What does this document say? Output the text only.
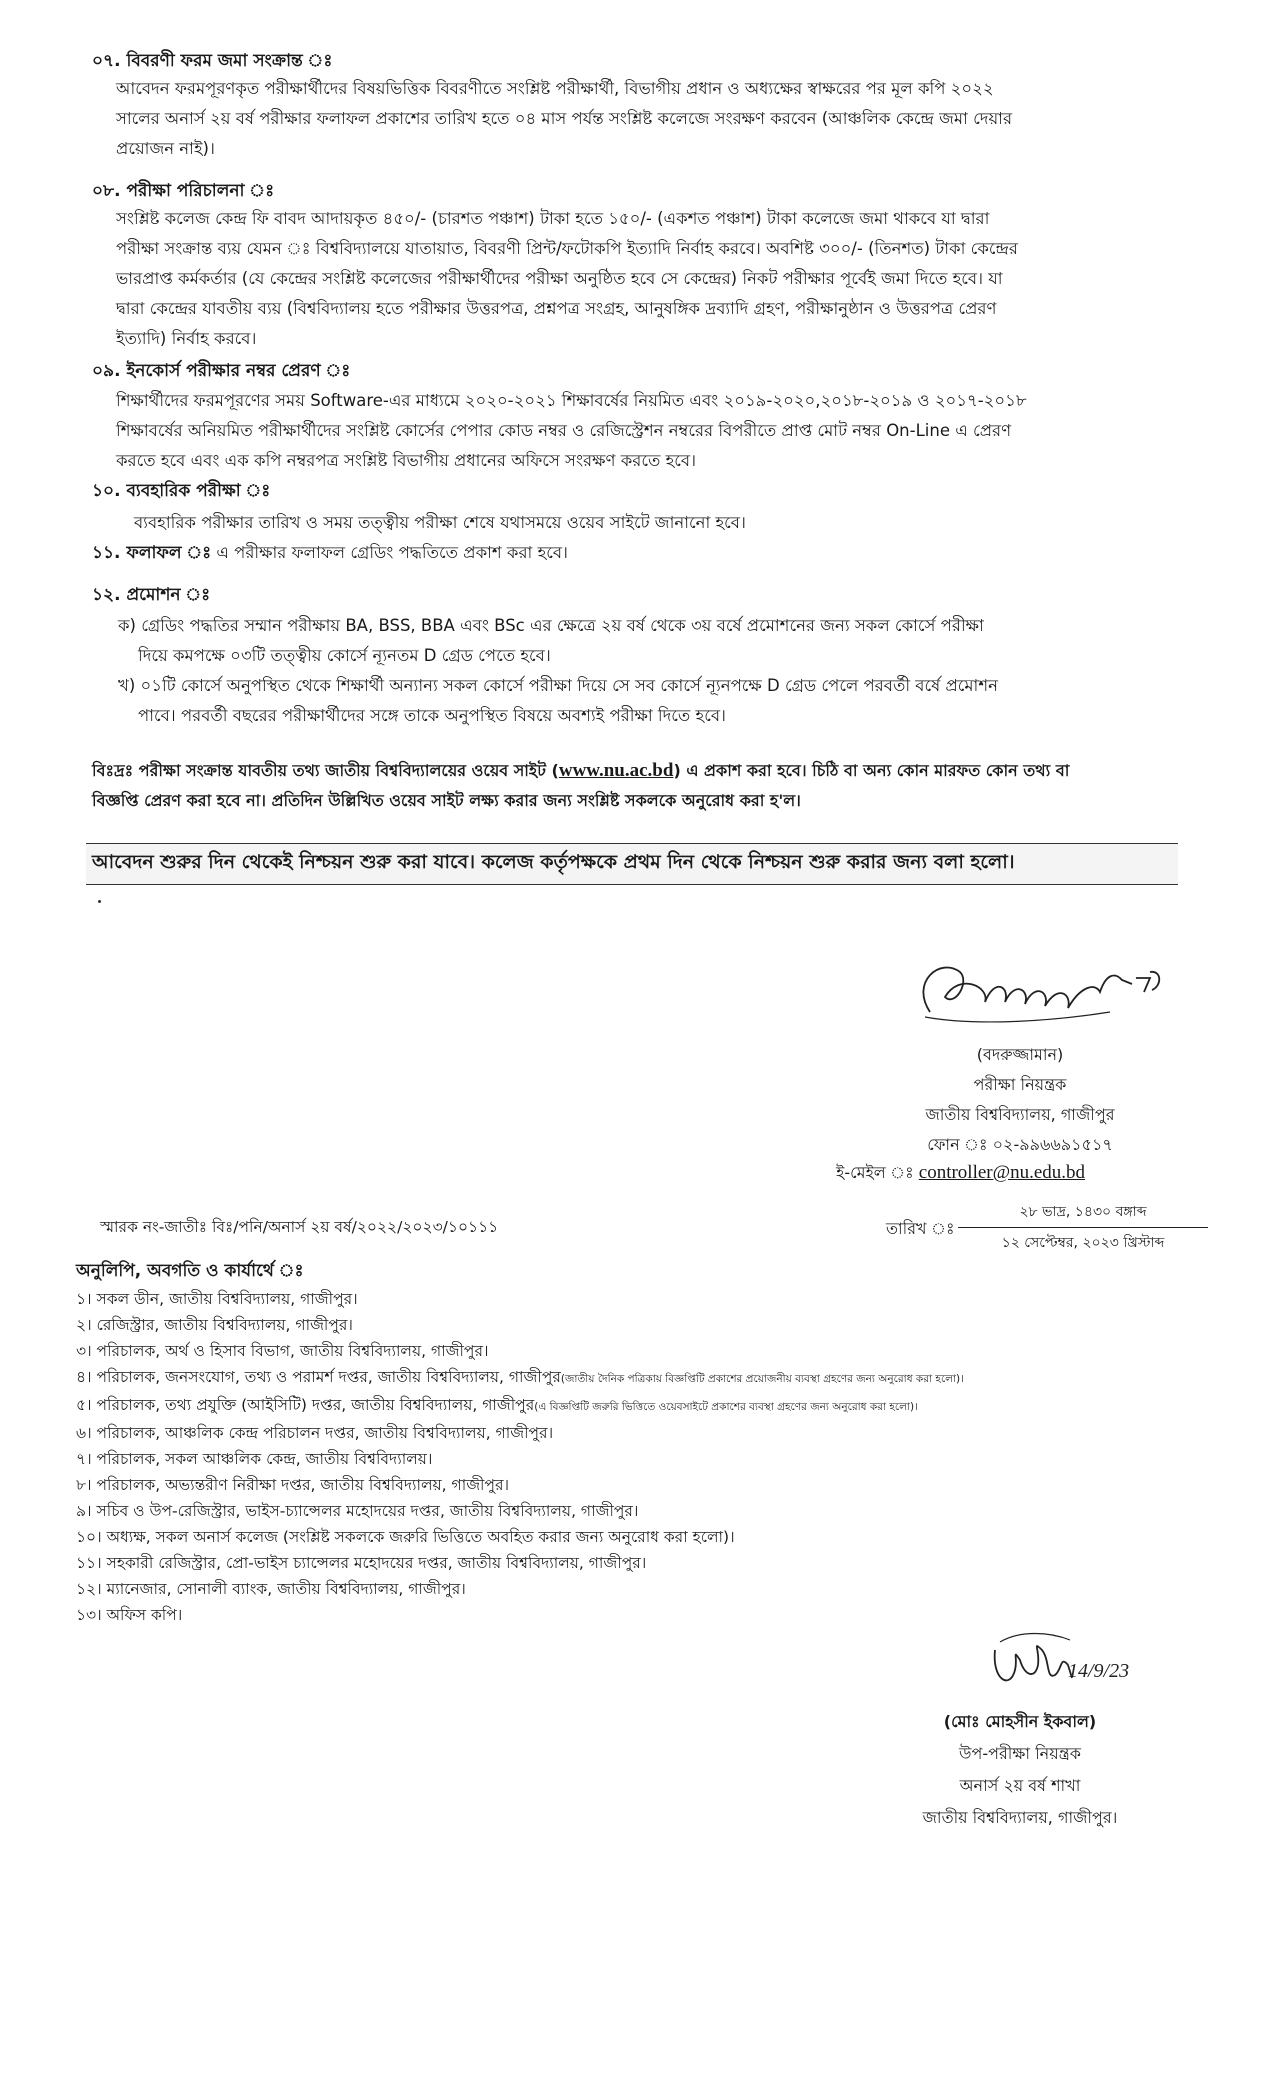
০৭. বিবরণী ফরম জমা সংক্রান্ত ঃ
আবেদন ফরমপূরণকৃত পরীক্ষার্থীদের বিষয়ভিত্তিক বিবরণীতে সংশ্লিষ্ট পরীক্ষার্থী, বিভাগীয় প্রধান ও অধ্যক্ষের স্বাক্ষরের পর মূল কপি ২০২২
সালের অনার্স ২য় বর্ষ পরীক্ষার ফলাফল প্রকাশের তারিখ হতে ০৪ মাস পর্যন্ত সংশ্লিষ্ট কলেজে সংরক্ষণ করবেন (আঞ্চলিক কেন্দ্রে জমা দেয়ার
প্রয়োজন নাই)।
০৮. পরীক্ষা পরিচালনা ঃ
সংশ্লিষ্ট কলেজ কেন্দ্র ফি বাবদ আদায়কৃত ৪৫০/- (চারশত পঞ্চাশ) টাকা হতে ১৫০/- (একশত পঞ্চাশ) টাকা কলেজে জমা থাকবে যা দ্বারা
পরীক্ষা সংক্রান্ত ব্যয় যেমন ঃ বিশ্ববিদ্যালয়ে যাতায়াত, বিবরণী প্রিন্ট/ফটোকপি ইত্যাদি নির্বাহ করবে। অবশিষ্ট ৩০০/- (তিনশত) টাকা কেন্দ্রের
ভারপ্রাপ্ত কর্মকর্তার (যে কেন্দ্রের সংশ্লিষ্ট কলেজের পরীক্ষার্থীদের পরীক্ষা অনুষ্ঠিত হবে সে কেন্দ্রের) নিকট পরীক্ষার পূর্বেই জমা দিতে হবে। যা
দ্বারা কেন্দ্রের যাবতীয় ব্যয় (বিশ্ববিদ্যালয় হতে পরীক্ষার উত্তরপত্র, প্রশ্নপত্র সংগ্রহ, আনুষঙ্গিক দ্রব্যাদি গ্রহণ, পরীক্ষানুষ্ঠান ও উত্তরপত্র প্রেরণ
ইত্যাদি) নির্বাহ করবে।
০৯. ইনকোর্স পরীক্ষার নম্বর প্রেরণ ঃ
শিক্ষার্থীদের ফরমপূরণের সময় Software-এর মাধ্যমে ২০২০-২০২১ শিক্ষাবর্ষের নিয়মিত এবং ২০১৯-২০২০,২০১৮-২০১৯ ও ২০১৭-২০১৮
শিক্ষাবর্ষের অনিয়মিত পরীক্ষার্থীদের সংশ্লিষ্ট কোর্সের পেপার কোড নম্বর ও রেজিস্ট্রেশন নম্বরের বিপরীতে প্রাপ্ত মোট নম্বর On-Line এ প্রেরণ
করতে হবে এবং এক কপি নম্বরপত্র সংশ্লিষ্ট বিভাগীয় প্রধানের অফিসে সংরক্ষণ করতে হবে।
১০. ব্যবহারিক পরীক্ষা ঃ
ব্যবহারিক পরীক্ষার তারিখ ও সময় তত্ত্বীয় পরীক্ষা শেষে যথাসময়ে ওয়েব সাইটে জানানো হবে।
১১. ফলাফল ঃ এ পরীক্ষার ফলাফল গ্রেডিং পদ্ধতিতে প্রকাশ করা হবে।
১২. প্রমোশন ঃ
ক) গ্রেডিং পদ্ধতির সম্মান পরীক্ষায় BA, BSS, BBA এবং BSc এর ক্ষেত্রে ২য় বর্ষ থেকে ৩য় বর্ষে প্রমোশনের জন্য সকল কোর্সে পরীক্ষা
দিয়ে কমপক্ষে ০৩টি তত্ত্বীয় কোর্সে ন্যূনতম D গ্রেড পেতে হবে।
খ) ০১টি কোর্সে অনুপস্থিত থেকে শিক্ষার্থী অন্যান্য সকল কোর্সে পরীক্ষা দিয়ে সে সব কোর্সে ন্যূনপক্ষে D গ্রেড পেলে পরবর্তী বর্ষে প্রমোশন
পাবে। পরবর্তী বছরের পরীক্ষার্থীদের সঙ্গে তাকে অনুপস্থিত বিষয়ে অবশ্যই পরীক্ষা দিতে হবে।
বিঃদ্রঃ পরীক্ষা সংক্রান্ত যাবতীয় তথ্য জাতীয় বিশ্ববিদ্যালয়ের ওয়েব সাইট (www.nu.ac.bd) এ প্রকাশ করা হবে। চিঠি বা অন্য কোন মারফত কোন তথ্য বা
বিজ্ঞপ্তি প্রেরণ করা হবে না। প্রতিদিন উল্লিখিত ওয়েব সাইট লক্ষ্য করার জন্য সংশ্লিষ্ট সকলকে অনুরোধ করা হ'ল।
আবেদন শুরুর দিন থেকেই নিশ্চয়ন শুরু করা যাবে। কলেজ কর্তৃপক্ষকে প্রথম দিন থেকে নিশ্চয়ন শুরু করার জন্য বলা হলো।
(বদরুজ্জামান)
পরীক্ষা নিয়ন্ত্রক
জাতীয় বিশ্ববিদ্যালয়, গাজীপুর
ফোন ঃ ০২-৯৯৬৬৯১৫১৭
ই-মেইল ঃ controller@nu.edu.bd
স্মারক নং-জাতীঃ বিঃ/পনি/অনার্স ২য় বর্ষ/২০২২/২০২৩/১০১১১	তারিখ ঃ
২৮ ভাদ্র, ১৪৩০ বঙ্গাব্দ
১২ সেপ্টেম্বর, ২০২৩ খ্রিস্টাব্দ
অনুলিপি, অবগতি ও কার্যার্থে ঃ
১। সকল ডীন, জাতীয় বিশ্ববিদ্যালয়, গাজীপুর।
২। রেজিস্ট্রার, জাতীয় বিশ্ববিদ্যালয়, গাজীপুর।
৩। পরিচালক, অর্থ ও হিসাব বিভাগ, জাতীয় বিশ্ববিদ্যালয়, গাজীপুর।
৪। পরিচালক, জনসংযোগ, তথ্য ও পরামর্শ দপ্তর, জাতীয় বিশ্ববিদ্যালয়, গাজীপুর(জাতীয় দৈনিক পত্রিকায় বিজ্ঞপ্তিটি প্রকাশের প্রয়োজনীয় ব্যবস্থা গ্রহণের জন্য অনুরোধ করা হলো)।
৫। পরিচালক, তথ্য প্রযুক্তি (আইসিটি) দপ্তর, জাতীয় বিশ্ববিদ্যালয়, গাজীপুর(এ বিজ্ঞপ্তিটি জরুরি ভিত্তিতে ওয়েবসাইটে প্রকাশের ব্যবস্থা গ্রহণের জন্য অনুরোধ করা হলো)।
৬। পরিচালক, আঞ্চলিক কেন্দ্র পরিচালন দপ্তর, জাতীয় বিশ্ববিদ্যালয়, গাজীপুর।
৭। পরিচালক, সকল আঞ্চলিক কেন্দ্র, জাতীয় বিশ্ববিদ্যালয়।
৮। পরিচালক, অভ্যন্তরীণ নিরীক্ষা দপ্তর, জাতীয় বিশ্ববিদ্যালয়, গাজীপুর।
৯। সচিব ও উপ-রেজিস্ট্রার, ভাইস-চ্যান্সেলর মহোদয়ের দপ্তর, জাতীয় বিশ্ববিদ্যালয়, গাজীপুর।
১০। অধ্যক্ষ, সকল অনার্স কলেজ (সংশ্লিষ্ট সকলকে জরুরি ভিত্তিতে অবহিত করার জন্য অনুরোধ করা হলো)।
১১। সহকারী রেজিস্ট্রার, প্রো-ভাইস চ্যান্সেলর মহোদয়ের দপ্তর, জাতীয় বিশ্ববিদ্যালয়, গাজীপুর।
১২। ম্যানেজার, সোনালী ব্যাংক, জাতীয় বিশ্ববিদ্যালয়, গাজীপুর।
১৩। অফিস কপি।
14/9/23
(মোঃ মোহসীন ইকবাল)
উপ-পরীক্ষা নিয়ন্ত্রক
অনার্স ২য় বর্ষ শাখা
জাতীয় বিশ্ববিদ্যালয়, গাজীপুর।
